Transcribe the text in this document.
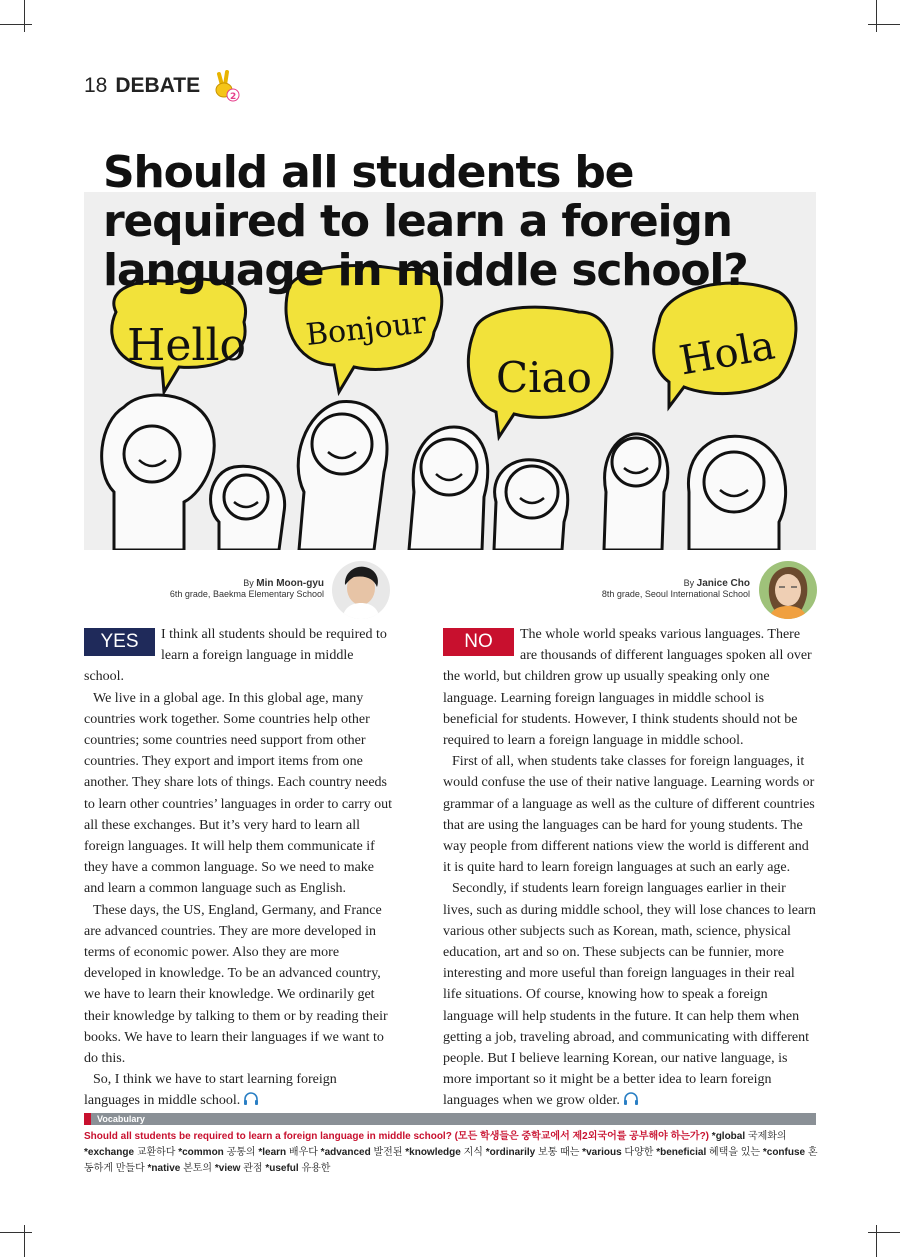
18 DEBATE	2
Hello Bonjour
Ciao Hola
Should all students be required to learn a foreign language in middle school?
By Min Moon-gyu
6th grade, Baekma Elementary School
By Janice Cho
8th grade, Seoul International School
YES	I think all students should be required to learn a foreign language in middle school.

We live in a global age. In this global age, many countries work together. Some countries help other countries; some countries need support from other countries. They export and import items from one another. They share lots of things. Each country needs to learn other countries’ languages in order to carry out all these exchanges. But it’s very hard to learn all foreign languages. It will help them communicate if they have a common language. So we need to make and learn a common language such as English.

These days, the US, England, Germany, and France are advanced countries. They are more developed in terms of economic power. Also they are more developed in knowledge. To be an advanced country, we have to learn their knowledge. We ordinarily get their knowledge by talking to them or by reading their books. We have to learn their languages if we want to do this.

So, I think we have to start learning foreign languages in middle school.

NO	The whole world speaks various languages. There are thousands of different languages spoken all over the world, but children grow up usually speaking only one language. Learning foreign languages in middle school is beneficial for students. However, I think students should not be required to learn a foreign language in middle school.

First of all, when students take classes for foreign languages, it would confuse the use of their native language. Learning words or grammar of a language as well as the culture of different countries that are using the languages can be hard for young students. The way people from different nations view the world is different and it is quite hard to learn foreign languages at such an early age.

Secondly, if students learn foreign languages earlier in their lives, such as during middle school, they will lose chances to learn various other subjects such as Korean, math, science, physical education, art and so on. These subjects can be funnier, more interesting and more useful than foreign languages in their real life situations. Of course, knowing how to speak a foreign language will help students in the future. It can help them when getting a job, traveling abroad, and communicating with different people. But I believe learning Korean, our native language, is more important so it might be a better idea to learn foreign languages when we grow older.

Vocabulary
Should all students be required to learn a foreign language in middle school? (모든 학생들은 중학교에서 제2외국어를 공부해야 하는가?) *global 국제화의 *exchange 교환하다 *common 공통의 *learn 배우다 *advanced 발전된 *knowledge 지식 *ordinarily 보통 때는 *various 다양한 *beneficial 혜택을 있는 *confuse 혼동하게 만들다 *native 본토의 *view 관점 *useful 유용한
